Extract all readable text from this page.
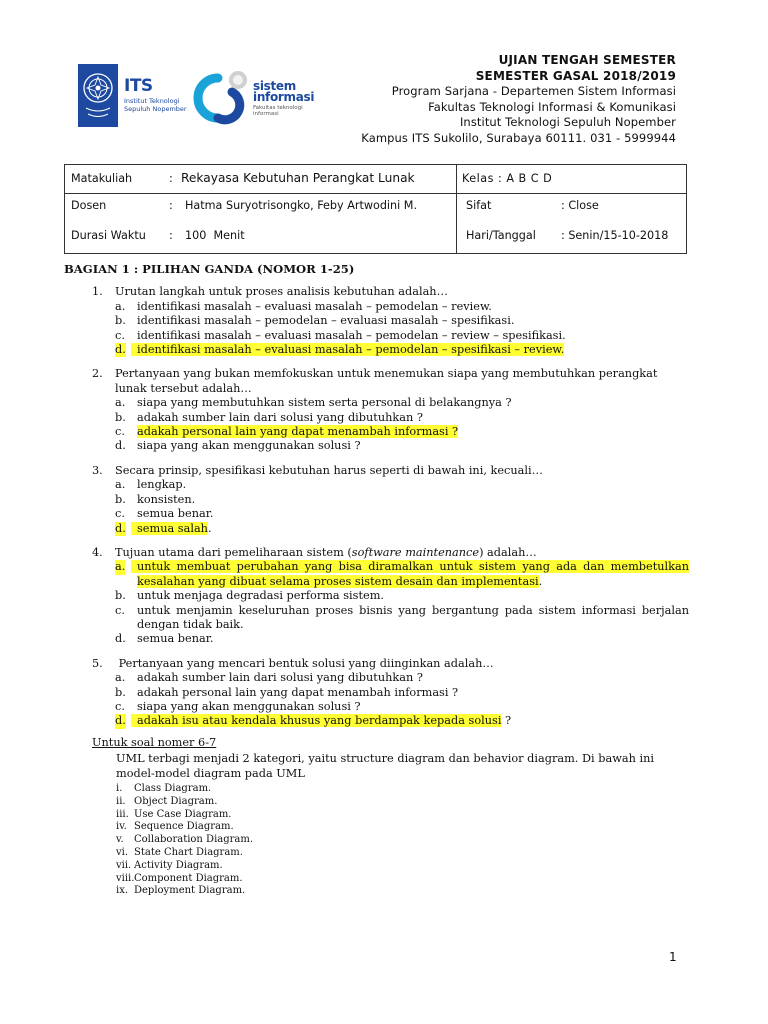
ITS
Institut Teknologi Sepuluh Nopember
sistem
informasi
Fakultas teknologi
informasi
UJIAN TENGAH SEMESTER
SEMESTER GASAL 2018/2019
Program Sarjana - Departemen Sistem Informasi
Fakultas Teknologi Informasi & Komunikasi
Institut Teknologi Sepuluh Nopember
Kampus ITS Sukolilo, Surabaya 60111. 031 - 5999944
Matakuliah	: Rekayasa Kebutuhan Perangkat Lunak	Kelas : A B C D
Dosen	: Hatma Suryotrisongko, Feby Artwodini M.	Sifat	: Close
Durasi Waktu : 100  Menit	Hari/Tanggal : Senin/15-10-2018
BAGIAN 1 : PILIHAN GANDA (NOMOR 1-25)
1. Urutan langkah untuk proses analisis kebutuhan adalah…
a. identifikasi masalah – evaluasi masalah – pemodelan – review.
b. identifikasi masalah – pemodelan – evaluasi masalah – spesifikasi.
c. identifikasi masalah – evaluasi masalah – pemodelan – review – spesifikasi.
d. identifikasi masalah – evaluasi masalah – pemodelan – spesifikasi – review.
2. Pertanyaan yang bukan memfokuskan untuk menemukan siapa yang membutuhkan perangkat lunak tersebut adalah…
a. siapa yang membutuhkan sistem serta personal di belakangnya ?
b. adakah sumber lain dari solusi yang dibutuhkan ?
c. adakah personal lain yang dapat menambah informasi ?
d. siapa yang akan menggunakan solusi ?
3. Secara prinsip, spesifikasi kebutuhan harus seperti di bawah ini, kecuali…
a. lengkap.
b. konsisten.
c. semua benar.
d. semua salah.
4. Tujuan utama dari pemeliharaan sistem (software maintenance) adalah…
a. untuk membuat perubahan yang bisa diramalkan untuk sistem yang ada dan membetulkan kesalahan yang dibuat selama proses sistem desain dan implementasi.
b. untuk menjaga degradasi performa sistem.
c. untuk menjamin keseluruhan proses bisnis yang bergantung pada sistem informasi berjalan dengan tidak baik.
d. semua benar.
5. Pertanyaan yang mencari bentuk solusi yang diinginkan adalah…
a. adakah sumber lain dari solusi yang dibutuhkan ?
b. adakah personal lain yang dapat menambah informasi ?
c. siapa yang akan menggunakan solusi ?
d. adakah isu atau kendala khusus yang berdampak kepada solusi ?
Untuk soal nomer 6-7
UML terbagi menjadi 2 kategori, yaitu structure diagram dan behavior diagram. Di bawah ini model-model diagram pada UML
i. Class Diagram.
ii. Object Diagram.
iii. Use Case Diagram.
iv. Sequence Diagram.
v. Collaboration Diagram.
vi. State Chart Diagram.
vii. Activity Diagram.
viii.Component Diagram.
ix. Deployment Diagram.
1
